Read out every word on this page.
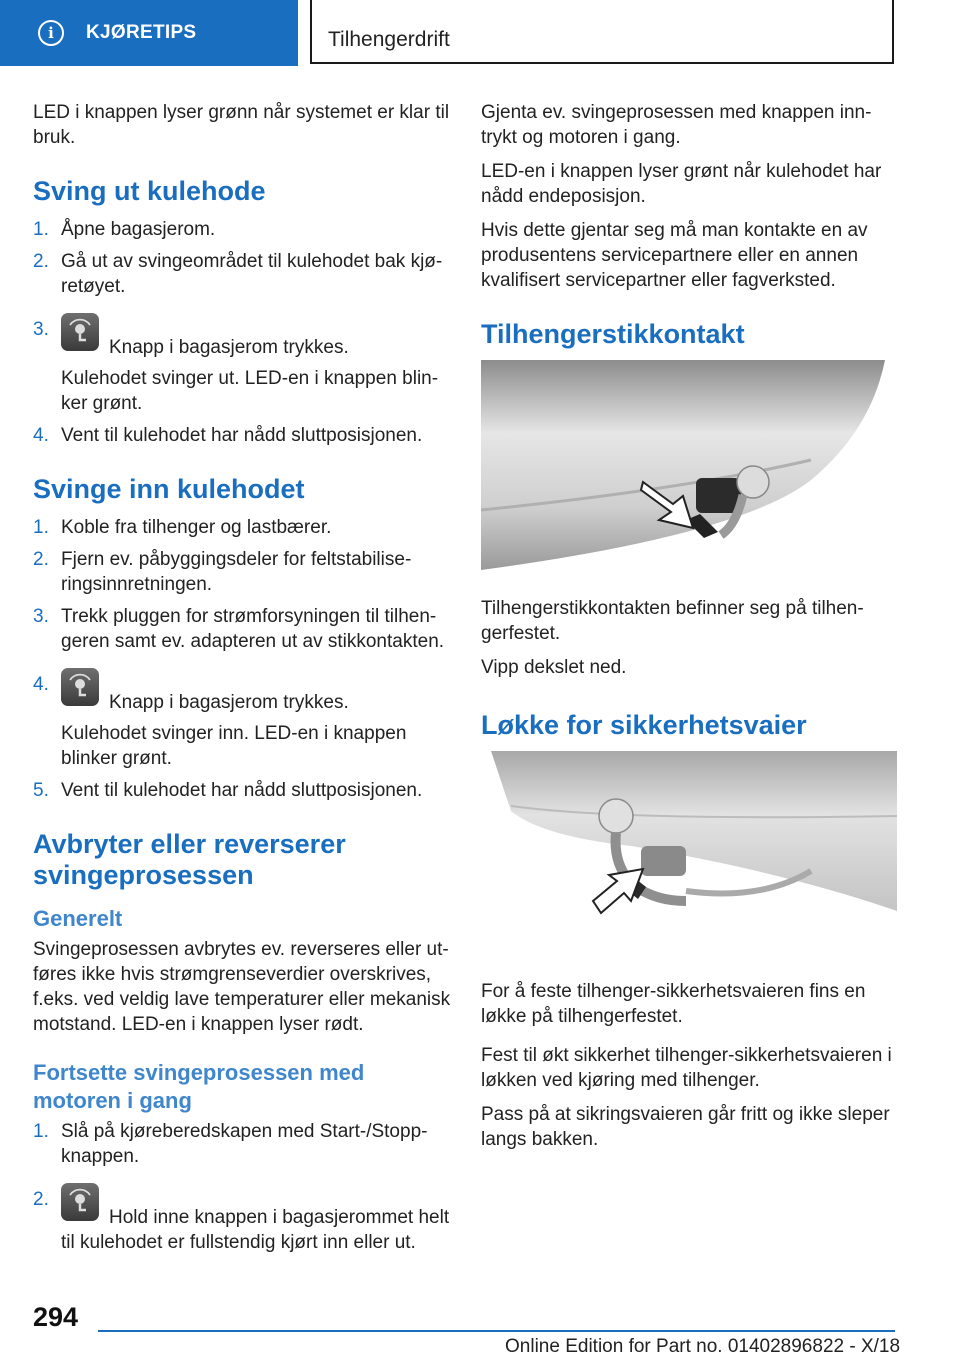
i	KJØRETIPS	Tilhengerdrift

LED i knappen lyser grønn når systemet er klar til bruk.

Sving ut kulehode
1. Åpne bagasjerom.
2. Gå ut av svingeområdet til kulehodet bak kjøretøyet.
3.
Knapp i bagasjerom trykkes.
Kulehodet svinger ut. LED-en i knappen blinker grønt.
4. Vent til kulehodet har nådd sluttposisjonen.
Svinge inn kulehodet
1. Koble fra tilhenger og lastbærer.
2. Fjern ev. påbyggingsdeler for feltstabiliseringsinnretningen.
3. Trekk pluggen for strømforsyningen til tilhengeren samt ev. adapteren ut av stikkontakten.
4.
Knapp i bagasjerom trykkes.
Kulehodet svinger inn. LED-en i knappen blinker grønt.
5. Vent til kulehodet har nådd sluttposisjonen.
Avbryter eller reverserer svingeprosessen
Generelt

Svingeprosessen avbrytes ev. reverseres eller utføres ikke hvis strømgrenseverdier overskrives, f.eks. ved veldig lave temperaturer eller mekanisk motstand. LED-en i knappen lyser rødt.

Fortsette svingeprosessen med motoren i gang
1. Slå på kjøreberedskapen med Start-/Stopp-knappen.
2.
Hold inne knappen i bagasjerommet helt til kulehodet er fullstendig kjørt inn eller ut.

Gjenta ev. svingeprosessen med knappen inntrykt og motoren i gang.

LED-en i knappen lyser grønt når kulehodet har nådd endeposisjon.

Hvis dette gjentar seg må man kontakte en av produsentens servicepartnere eller en annen kvalifisert servicepartner eller fagverksted.

Tilhengerstikkontakt

Tilhengerstikkontakten befinner seg på tilhengerfestet.

Vipp dekslet ned.

Løkke for sikkerhetsvaier

For å feste tilhenger-sikkerhetsvaieren fins en løkke på tilhengerfestet.

Fest til økt sikkerhet tilhenger-sikkerhetsvaieren i løkken ved kjøring med tilhenger.

Pass på at sikringsvaieren går fritt og ikke sleper langs bakken.

294
Online Edition for Part no. 01402896822 - X/18
